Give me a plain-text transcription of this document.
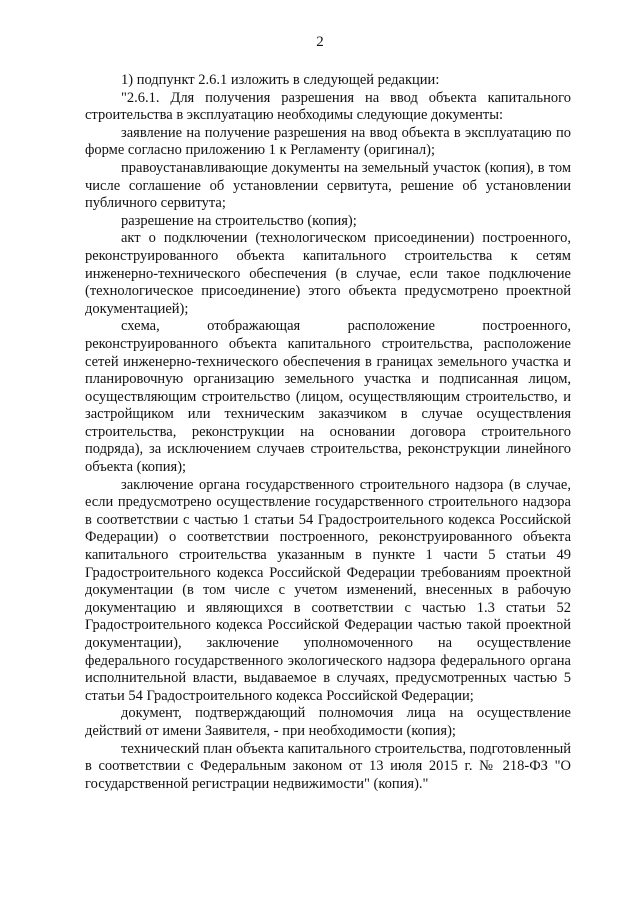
2

1) подпункт 2.6.1 изложить в следующей редакции:

"2.6.1. Для получения разрешения на ввод объекта капитального строительства в эксплуатацию необходимы следующие документы:

заявление на получение разрешения на ввод объекта в эксплуатацию по форме согласно приложению 1 к Регламенту (оригинал);

правоустанавливающие документы на земельный участок (копия), в том числе соглашение об установлении сервитута, решение об установлении публичного сервитута;

разрешение на строительство (копия);

акт о подключении (технологическом присоединении) построенного, реконструированного объекта капитального строительства к сетям инженерно-технического обеспечения (в случае, если такое подключение (технологическое присоединение) этого объекта предусмотрено проектной документацией);

схема, отображающая расположение построенного, реконструированного объекта капитального строительства, расположение сетей инженерно-технического обеспечения в границах земельного участка и планировочную организацию земельного участка и подписанная лицом, осуществляющим строительство (лицом, осуществляющим строительство, и застройщиком или техническим заказчиком в случае осуществления строительства, реконструкции на основании договора строительного подряда), за исключением случаев строительства, реконструкции линейного объекта (копия);

заключение органа государственного строительного надзора (в случае, если предусмотрено осуществление государственного строительного надзора в соответствии с частью 1 статьи 54 Градостроительного кодекса Российской Федерации) о соответствии построенного, реконструированного объекта капитального строительства указанным в пункте 1 части 5 статьи 49 Градостроительного кодекса Российской Федерации требованиям проектной документации (в том числе с учетом изменений, внесенных в рабочую документацию и являющихся в соответствии с частью 1.3 статьи 52 Градостроительного кодекса Российской Федерации частью такой проектной документации), заключение уполномоченного на осуществление федерального государственного экологического надзора федерального органа исполнительной власти, выдаваемое в случаях, предусмотренных частью 5 статьи 54 Градостроительного кодекса Российской Федерации;

документ, подтверждающий полномочия лица на осуществление действий от имени Заявителя, - при необходимости (копия);

технический план объекта капитального строительства, подготовленный в соответствии с Федеральным законом от 13 июля 2015 г. № 218-ФЗ "О государственной регистрации недвижимости" (копия)."
